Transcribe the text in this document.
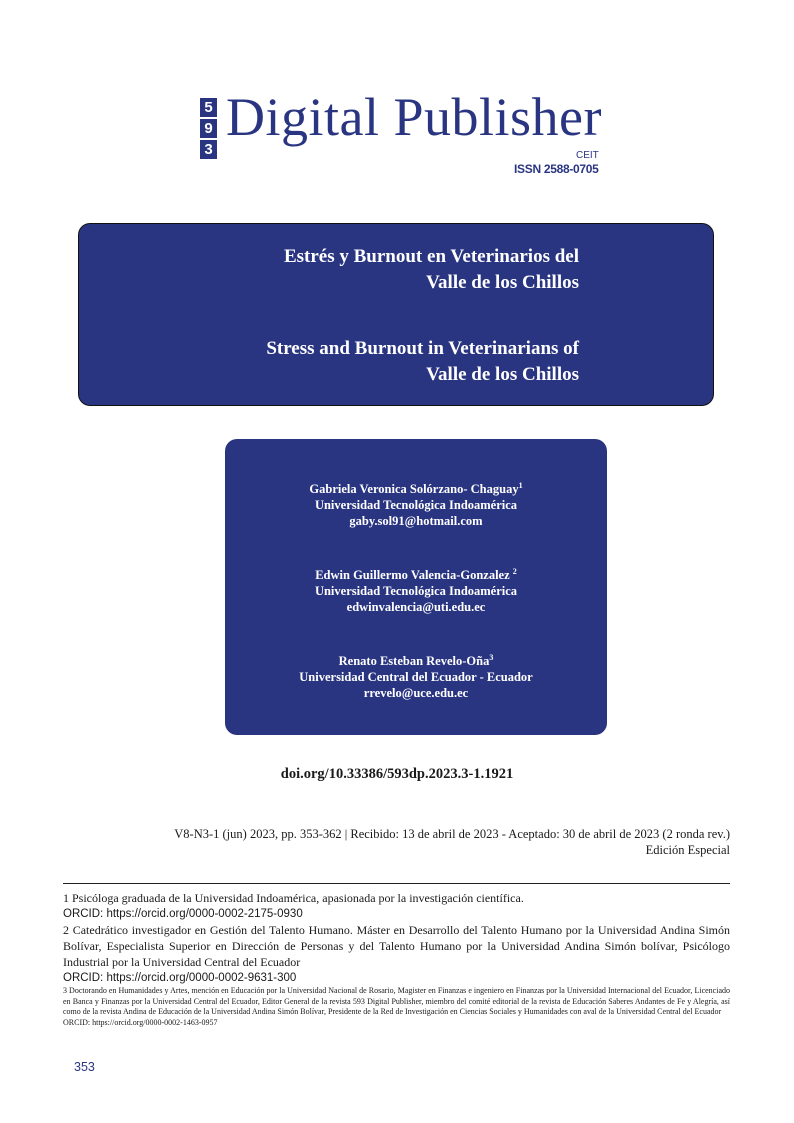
5
9
3
Digital Publisher
CEIT
ISSN 2588-0705
Estrés y Burnout en Veterinarios del
Valle de los Chillos
Stress and Burnout in Veterinarians of
Valle de los Chillos
Gabriela Veronica Solórzano- Chaguay$^1$
Universidad Tecnológica Indoamérica
gaby.sol91@hotmail.com
Edwin Guillermo Valencia-Gonzalez $^2$
Universidad Tecnológica Indoamérica
edwinvalencia@uti.edu.ec
Renato Esteban Revelo-Oña$^3$
Universidad Central del Ecuador - Ecuador
rrevelo@uce.edu.ec
doi.org/10.33386/593dp.2023.3-1.1921
V8-N3-1 (jun) 2023, pp. 353-362 | Recibido: 13 de abril de 2023 - Aceptado: 30 de abril de 2023 (2 ronda rev.)
Edición Especial

1 Psicóloga graduada de la Universidad Indoamérica, apasionada por la investigación científica.

ORCID: https://orcid.org/0000-0002-2175-0930

2 Catedrático investigador en Gestión del Talento Humano. Máster en Desarrollo del Talento Humano por la Universidad Andina Simón Bolívar, Especialista Superior en Dirección de Personas y del Talento Humano por la Universidad Andina Simón bolívar, Psicólogo Industrial por la Universidad Central del Ecuador

ORCID: https://orcid.org/0000-0002-9631-300

3 Doctorando en Humanidades y Artes, mención en Educación por la Universidad Nacional de Rosario, Magister en Finanzas e ingeniero en Finanzas por la Universidad Internacional del Ecuador, Licenciado en Banca y Finanzas por la Universidad Central del Ecuador, Editor General de la revista 593 Digital Publisher, miembro del comité editorial de la revista de Educación Saberes Andantes de Fe y Alegría, así como de la revista Andina de Educación de la Universidad Andina Simón Bolívar, Presidente de la Red de Investigación en Ciencias Sociales y Humanidades con aval de la Universidad Central del Ecuador

ORCID: https://orcid.org/0000-0002-1463-0957

353
